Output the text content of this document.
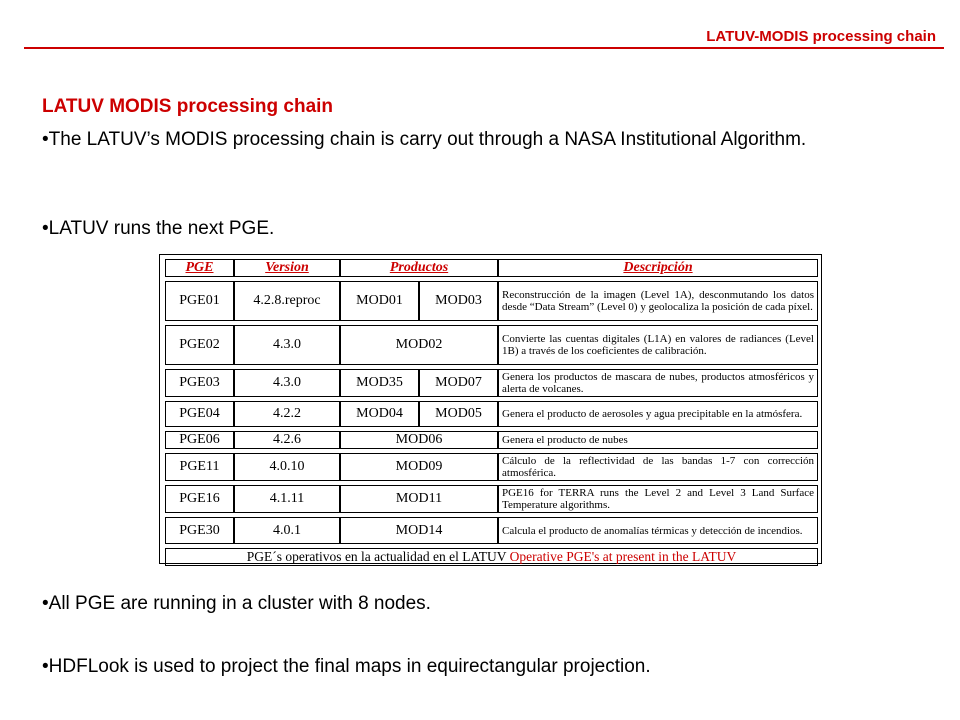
LATUV-MODIS processing chain
LATUV MODIS processing chain
•The LATUV’s MODIS processing chain is carry out through a NASA Institutional Algorithm.
•LATUV runs the next PGE.
PGE	Version	Productos		Descripción
PGE01	4.2.8.reproc	MOD01	MOD03	Reconstrucción de la imagen (Level 1A), desconmutando los datos desde “Data Stream” (Level 0) y geolocaliza la posición de cada píxel.
PGE02	4.3.0	MOD02		Convierte las cuentas digitales (L1A) en valores de radiances (Level 1B) a través de los coeficientes de calibración.
PGE03	4.3.0	MOD35	MOD07	Genera los productos de mascara de nubes, productos atmosféricos y alerta de volcanes.
PGE04	4.2.2	MOD04	MOD05	Genera el producto de aerosoles y agua precipitable en la atmósfera.
PGE06	4.2.6	MOD06		Genera el producto de nubes
PGE11	4.0.10	MOD09		Cálculo de la reflectividad de las bandas 1-7 con corrección atmosférica.
PGE16	4.1.11	MOD11		PGE16 for TERRA runs the Level 2 and Level 3 Land Surface Temperature algorithms.
PGE30	4.0.1	MOD14		Calcula el producto de anomalías térmicas y detección de incendios.
PGE´s operativos en la actualidad en el LATUV Operative PGE's at present in the LATUV				
•All PGE are running in a cluster with 8 nodes.
•HDFLook is used to project the final maps in equirectangular projection.
